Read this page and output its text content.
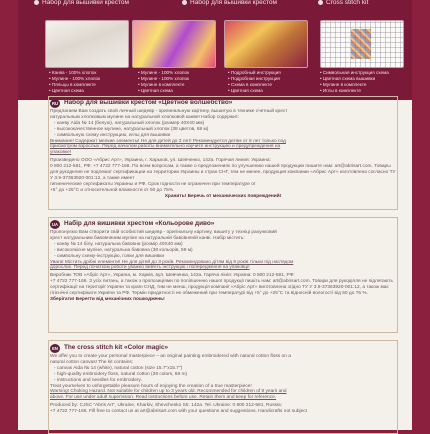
Набор для вышивки крестом	Набор для вышивки крестом	Cross stitch kit
• Канва - 100% хлопок
• Мулине - 100% хлопок
• Пяльцы в комплекте
• Цветная схема
• Мулине - 100% хлопок
• Мулине - 100% хлопок
• Мулине в комплекте
• Цветная схема
• Подробный инструкция
• Подробная инструкция
• Схема в комплекте
• Цветная схема
• Символьная инструкция схема
• Цветная схема вышивки
• Мулине в комплекте
• Иглы в комплекте
RU Набор для вышивки крестом «Цветное волшебство»

Предлагаем Вам создать свой личный шедевр - оригинальную картину, вышитую в технике счетный крест

натуральным хлопковым мулине на натуральной хлопковой канве! Набор содержит:

- канву Aida № 14 (белую), натуральный хлопок (размер 40Х40 мм)

- высококачественное мулине, натуральный хлопок (38 цветов, 68 м)

- символьную схему инструкцию, иглы для вышивки

Внимание! Содержит мелкие элементы! Не для детей до 3 лет! Рекомендуется детям от 8 лет только под

присмотром взрослых. Перед началом работы внимательно изучите инструкцию и предупреждения на

упаковке!

Произведено ООО «Абрис Арт», Украина, г. Харьков, ул. Шевченко, 142а. Горячая линия: Украина:

0 800 212-581, РФ: +7 4722 777-166. По всем вопросам, а также о предложениях по улучшению нашей продукции пишите нам: art@abrisart.com. Товары для рукоделия не подлежат сертификации на территории Украины и стран СНГ, тем не менее, продукция компании «Абрис Арт» изготовлена согласно ТУ У 3.9-37363920-001:12, а также имеет

гигиенические сертификаты Украины и РФ. Срок годности не ограничен при температуре от

+5° до +25°С и относительной влажности от 50 до 75%.

Хранить! Беречь от механических повреждений!

UA Набір для вишивки хрестом «Кольорове диво»

Пропонуємо Вам створити свій особистий шедевр - оригінальну картину, вишиту у техніці рахунковий

хрест натуральним бавовняним муліне на натуральній бавовняній канві. Набір містить:

- канву № 14 білу, натуральна бавовна (розмір 40Х40 мм)

- високоякісне муліне, натуральна бавовна (38 кольорів, 68 м)

- символьну схему-інструкцію, голки для вишивки

Увага! Містить дрібні елементи! Не для дітей до 3 років. Рекомендовано дітям від 8 років тільки під наглядом

дорослих. Перед початком роботи уважно вивчіть інструкцію і попередження на упаковці!

Виробник ТОВ «Абріс Арт», Україна, м. Харків, вул. Шевченка, 142а. Гаряча лінія: Україна: 0 800 212-581, РФ:

+7 4722 777-166. З усіх питань, а також з пропозиціями по поліпшенню нашої продукції пишіть нам: art@abrisart.com. Товари для рукоділля не підлягають сертифікації на території України та країн СНД, тим не менш, продукція компанії «Абріс Арт» виготовлена згідно ТУ У 3.9-37363920-001:12, а також має гігієнічні сертифікати України та РФ. Термін придатності не обмежений при температурі від +5° до +25°С та відносній вологості від 50 до 75 %.

Зберігати! Берегти від механічних пошкоджень!

EN The cross stitch kit «Color magic»

We offer you to create your personal masterpiece – an original painting embroidered with natural cotton floss on a

natural cotton canvas! The kit contains:

- canvas Aida № 14 (white), natural cotton (size 15.7"х15.7")

- high-quality embroidery floss, natural cotton (38 colors, 68 m)

- instructions and needles for embroidery.

Treat yourselves to unforgettable pleasure hours of enjoying the creation of a true masterpiece!

Warning! Choking Hazard. Not suitable for children up to 3 years old. Recommended for children of 8 years and

above. For use under adult supervision. Read instructions before use. Retain them and keep for reference.

Produced by: CJSC “Abris Art”, Ukraine, Kharkiv, Shevchenko Str. 142a. Tel. Ukraine: 0 800 212-581, Russia:

+7 4722 777-166. Fill free to contact us at art@abrisart.com with your questions and suggestions. Handicrafts not subject
